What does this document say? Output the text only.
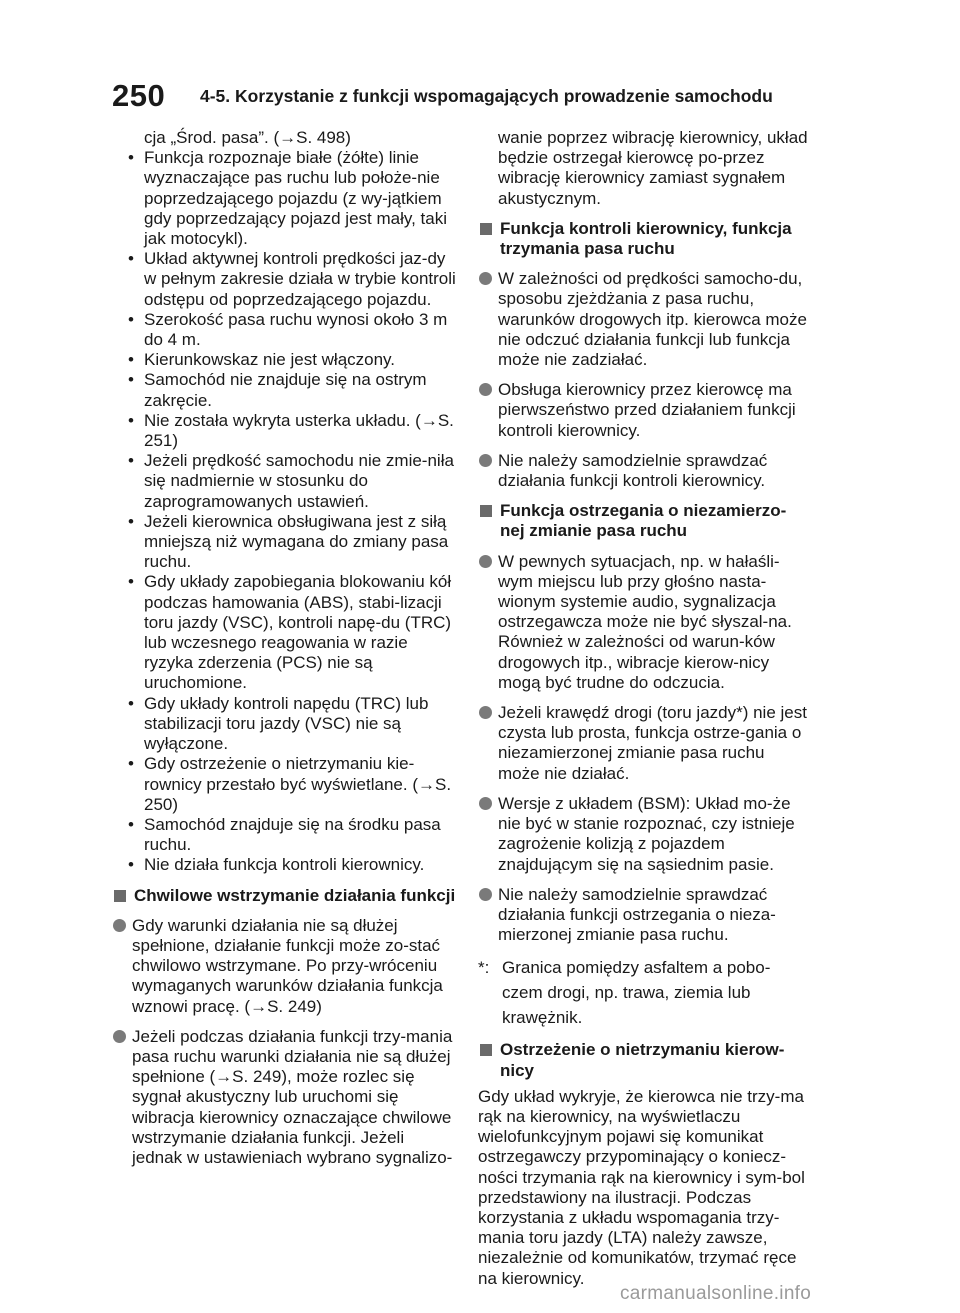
250	4-5. Korzystanie z funkcji wspomagających prowadzenie samochodu

cja „Środ. pasa”. (→S. 498)

• Funkcja rozpoznaje białe (żółte) linie wyznaczające pas ruchu lub położe-nie poprzedzającego pojazdu (z wy-jątkiem gdy poprzedzający pojazd jest mały, taki jak motocykl).
• Układ aktywnej kontroli prędkości jaz-dy w pełnym zakresie działa w trybie kontroli odstępu od poprzedzającego pojazdu.
• Szerokość pasa ruchu wynosi około 3 m do 4 m.
• Kierunkowskaz nie jest włączony.
• Samochód nie znajduje się na ostrym zakręcie.
• Nie została wykryta usterka układu. (→S. 251)
• Jeżeli prędkość samochodu nie zmie-niła się nadmiernie w stosunku do zaprogramowanych ustawień.
• Jeżeli kierownica obsługiwana jest z siłą mniejszą niż wymagana do zmiany pasa ruchu.
• Gdy układy zapobiegania blokowaniu kół podczas hamowania (ABS), stabi-lizacji toru jazdy (VSC), kontroli napę-du (TRC) lub wczesnego reagowania w razie ryzyka zderzenia (PCS) nie są uruchomione.
• Gdy układy kontroli napędu (TRC) lub stabilizacji toru jazdy (VSC) nie są wyłączone.
• Gdy ostrzeżenie o nietrzymaniu kie-rownicy przestało być wyświetlane. (→S. 250)
• Samochód znajduje się na środku pasa ruchu.
• Nie działa funkcja kontroli kierownicy.
Chwilowe wstrzymanie działania funkcji
Gdy warunki działania nie są dłużej spełnione, działanie funkcji może zo-stać chwilowo wstrzymane. Po przy-wróceniu wymaganych warunków działania funkcja wznowi pracę. (→S. 249)
Jeżeli podczas działania funkcji trzy-mania pasa ruchu warunki działania nie są dłużej spełnione (→S. 249), może rozlec się sygnał akustyczny lub uruchomi się wibracja kierownicy oznaczające chwilowe wstrzymanie działania funkcji. Jeżeli jednak w ustawieniach wybrano sygnalizo-

wanie poprzez wibrację kierownicy, układ będzie ostrzegał kierowcę po-przez wibrację kierownicy zamiast sygnałem akustycznym.

Funkcja kontroli kierownicy, funkcja trzymania pasa ruchu
W zależności od prędkości samocho-du, sposobu zjeżdżania z pasa ruchu, warunków drogowych itp. kierowca może nie odczuć działania funkcji lub funkcja może nie zadziałać.
Obsługa kierownicy przez kierowcę ma pierwszeństwo przed działaniem funkcji kontroli kierownicy.
Nie należy samodzielnie sprawdzać działania funkcji kontroli kierownicy.
Funkcja ostrzegania o niezamierzo-nej zmianie pasa ruchu
W pewnych sytuacjach, np. w hałaśli-wym miejscu lub przy głośno nasta-wionym systemie audio, sygnalizacja ostrzegawcza może nie być słyszal-na. Również w zależności od warun-ków drogowych itp., wibracje kierow-nicy mogą być trudne do odczucia.
Jeżeli krawędź drogi (toru jazdy*) nie jest czysta lub prosta, funkcja ostrze-gania o niezamierzonej zmianie pasa ruchu może nie działać.
Wersje z układem (BSM): Układ mo-że nie być w stanie rozpoznać, czy istnieje zagrożenie kolizją z pojazdem znajdującym się na sąsiednim pasie.
Nie należy samodzielnie sprawdzać działania funkcji ostrzegania o nieza-mierzonej zmianie pasa ruchu.
*: Granica pomiędzy asfaltem a pobo-czem drogi, np. trawa, ziemia lub krawężnik.
Ostrzeżenie o nietrzymaniu kierow-nicy

Gdy układ wykryje, że kierowca nie trzy-ma rąk na kierownicy, na wyświetlaczu wielofunkcyjnym pojawi się komunikat ostrzegawczy przypominający o koniecz-ności trzymania rąk na kierownicy i sym-bol przedstawiony na ilustracji. Podczas korzystania z układu wspomagania trzy-mania toru jazdy (LTA) należy zawsze, niezależnie od komunikatów, trzymać ręce na kierownicy.

carmanualsonline.info
